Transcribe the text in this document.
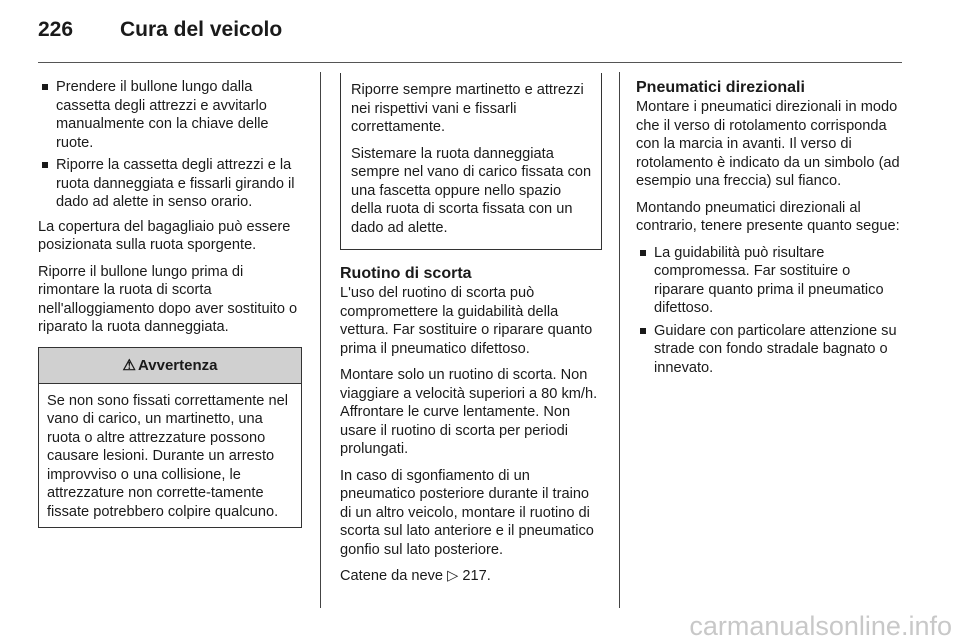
226 Cura del veicolo
Prendere il bullone lungo dalla cassetta degli attrezzi e avvitarlo manualmente con la chiave delle ruote.
Riporre la cassetta degli attrezzi e la ruota danneggiata e fissarli girando il dado ad alette in senso orario.

La copertura del bagagliaio può essere posizionata sulla ruota sporgente.

Riporre il bullone lungo prima di rimontare la ruota di scorta nell'alloggiamento dopo aver sostituito o riparato la ruota danneggiata.

⚠ Avvertenza
Se non sono fissati correttamente nel vano di carico, un martinetto, una ruota o altre attrezzature possono causare lesioni. Durante un arresto improvviso o una collisione, le attrezzature non corrette-tamente fissate potrebbero colpire qualcuno.

Riporre sempre martinetto e attrezzi nei rispettivi vani e fissarli correttamente.

Sistemare la ruota danneggiata sempre nel vano di carico fissata con una fascetta oppure nello spazio della ruota di scorta fissata con un dado ad alette.

Ruotino di scorta

L'uso del ruotino di scorta può compromettere la guidabilità della vettura. Far sostituire o riparare quanto prima il pneumatico difettoso.

Montare solo un ruotino di scorta. Non viaggiare a velocità superiori a 80 km/h. Affrontare le curve lentamente. Non usare il ruotino di scorta per periodi prolungati.

In caso di sgonfiamento di un pneumatico posteriore durante il traino di un altro veicolo, montare il ruotino di scorta sul lato anteriore e il pneumatico gonfio sul lato posteriore.

Catene da neve ▷ 217.

Pneumatici direzionali

Montare i pneumatici direzionali in modo che il verso di rotolamento corrisponda con la marcia in avanti. Il verso di rotolamento è indicato da un simbolo (ad esempio una freccia) sul fianco.

Montando pneumatici direzionali al contrario, tenere presente quanto segue:

La guidabilità può risultare compromessa. Far sostituire o riparare quanto prima il pneumatico difettoso.
Guidare con particolare attenzione su strade con fondo stradale bagnato o innevato.
carmanualsonline.info
